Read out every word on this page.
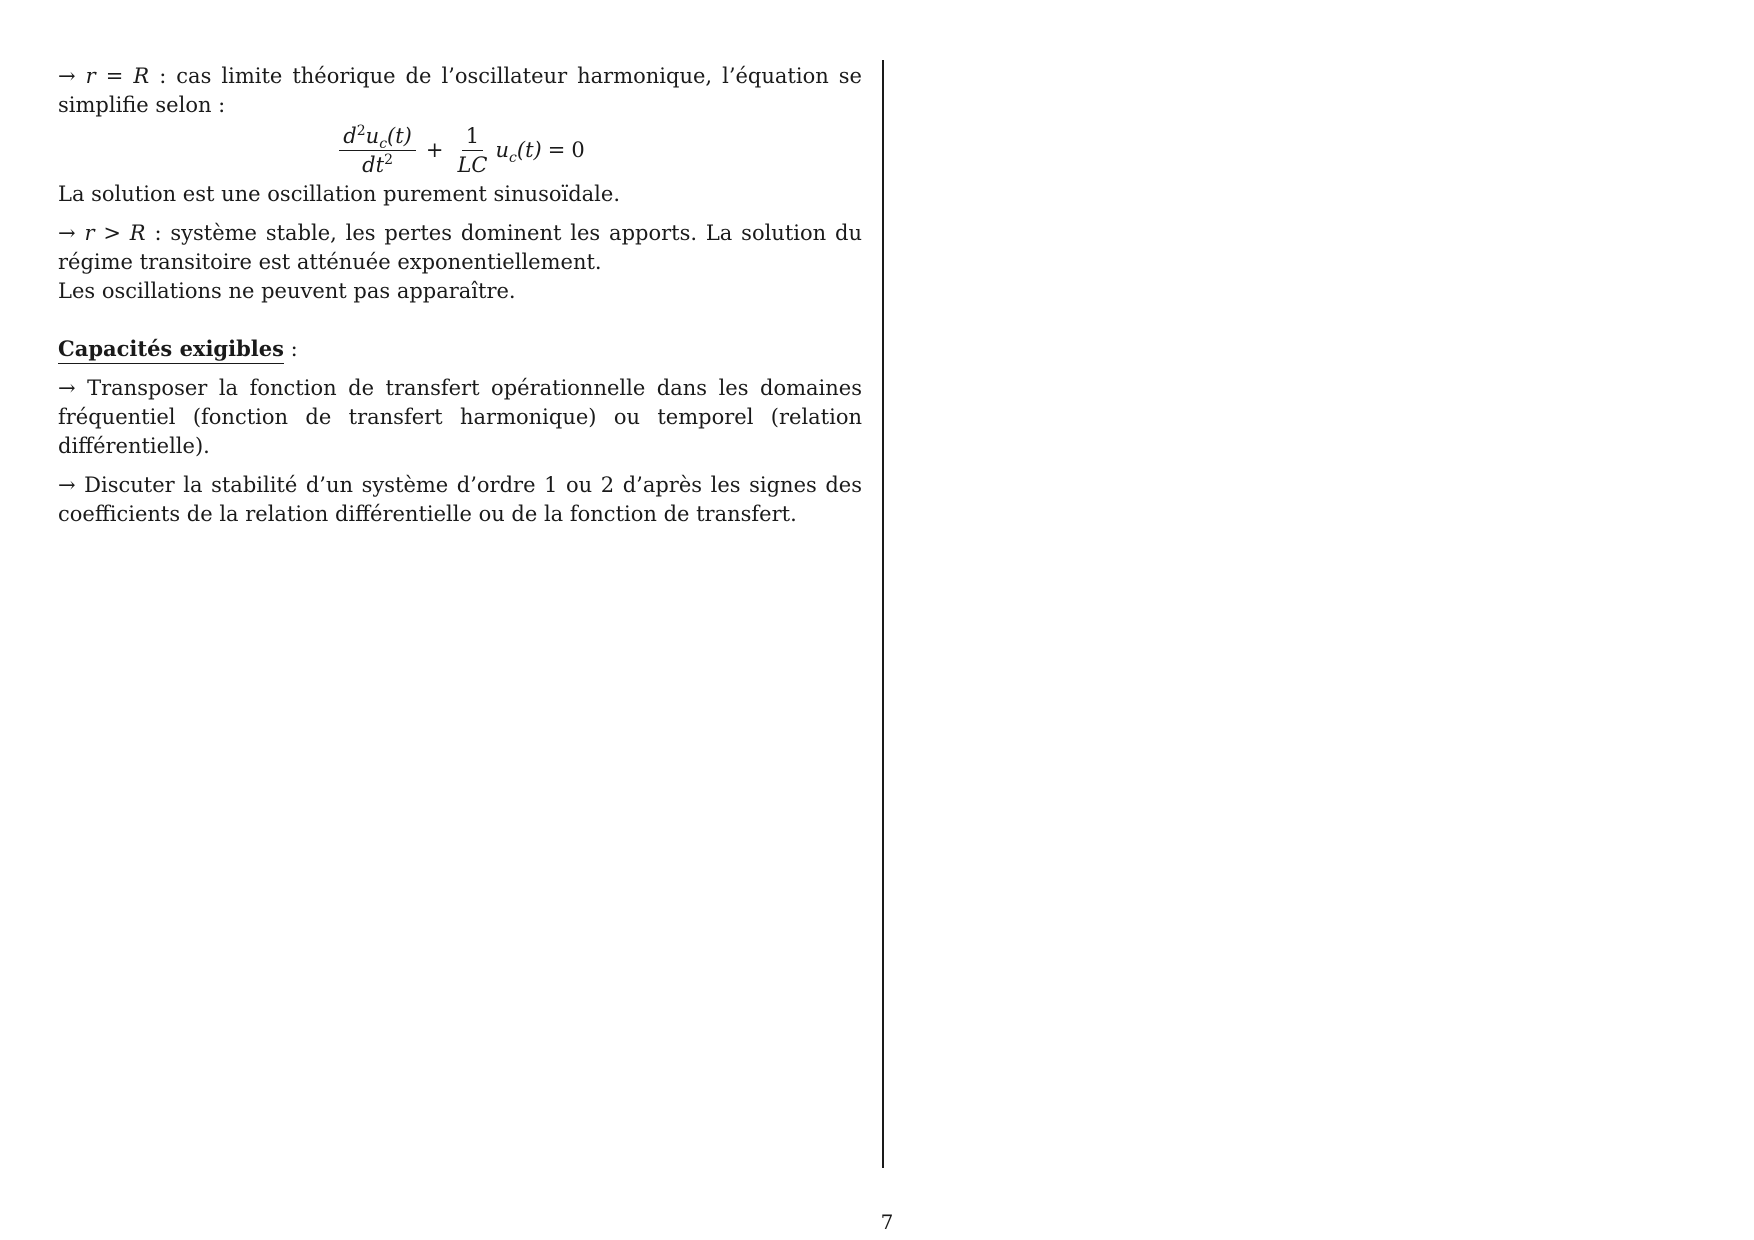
→ r = R : cas limite théorique de l’oscillateur harmonique, l’équation se simplifie selon :

$\frac{d^2u_c(t)}{dt^2} + \frac{1}{LC} u_c(t) = 0$

La solution est une oscillation purement sinusoïdale.

→ r > R : système stable, les pertes dominent les apports. La solution du régime transitoire est atténuée exponentiellement.

Les oscillations ne peuvent pas apparaître.

Capacités exigibles :

→ Transposer la fonction de transfert opérationnelle dans les domaines fréquentiel (fonction de transfert harmonique) ou temporel (relation différentielle).

→ Discuter la stabilité d’un système d’ordre 1 ou 2 d’après les signes des coefficients de la relation différentielle ou de la fonction de transfert.

7
